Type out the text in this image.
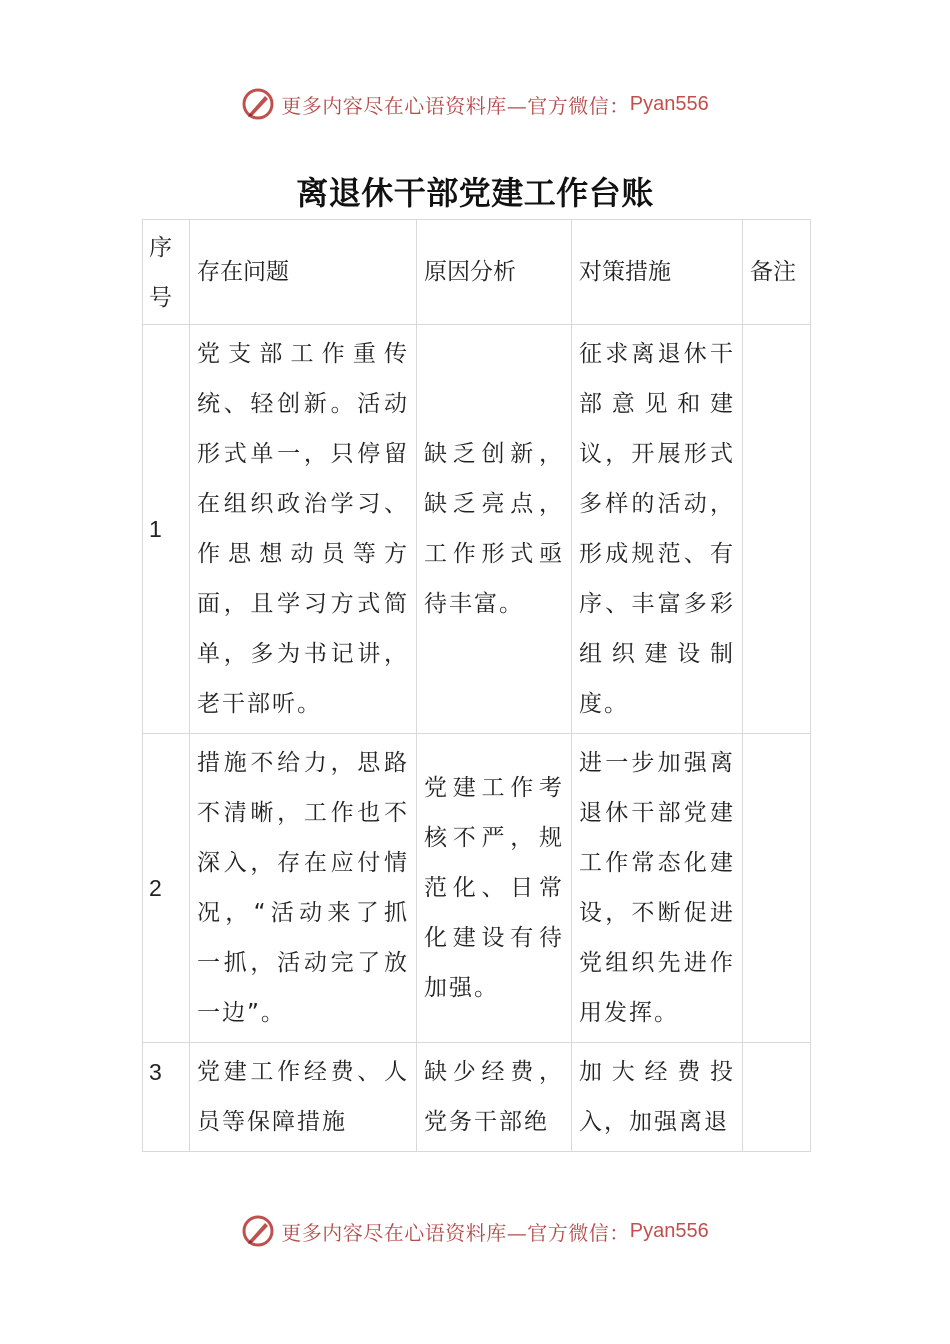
更多内容尽在心语资料库—官方微信： Pyan556
离退休干部党建工作台账
序号	存在问题	原因分析	对策措施	备注
1	党支部工作重传统、轻创新。活动形式单一，只停留在组织政治学习、作思想动员等方面，且学习方式简单，多为书记讲，老干部听。	缺乏创新，缺乏亮点，工作形式亟待丰富。	征求离退休干部意见和建议，开展形式多样的活动，形成规范、有序、丰富多彩组织建设制度。	
2	措施不给力，思路不清晰，工作也不深入，存在应付情况，“活动来了抓一抓，活动完了放一边”。	党建工作考核不严，规范化、日常化建设有待加强。	进一步加强离退休干部党建工作常态化建设，不断促进党组织先进作用发挥。	
3	党建工作经费、人员等保障措施	缺少经费，党务干部绝	加大经费投入，加强离退	
更多内容尽在心语资料库—官方微信： Pyan556
